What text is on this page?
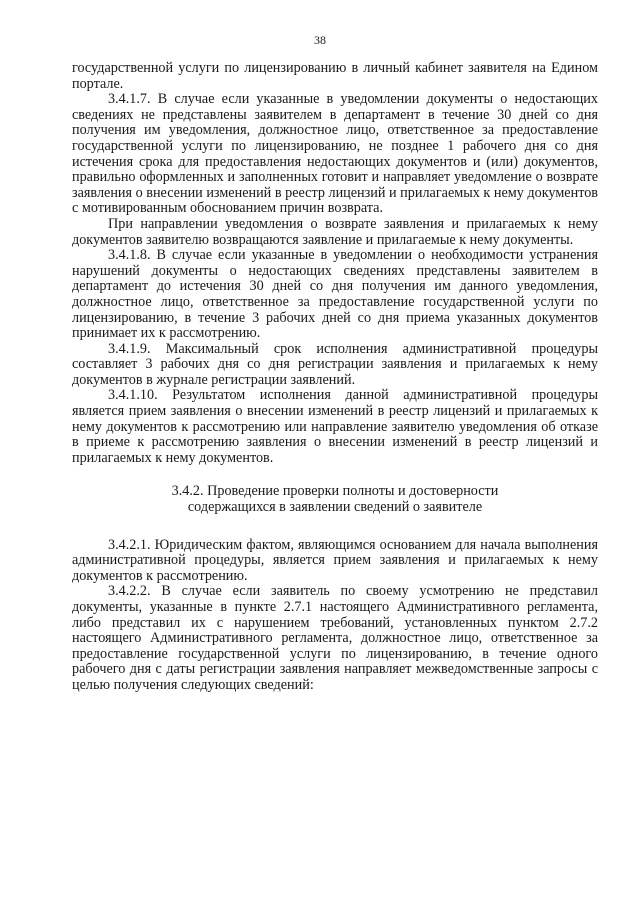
38

государственной услуги по лицензированию в личный кабинет заявителя на Едином портале.

3.4.1.7. В случае если указанные в уведомлении документы о недостающих сведениях не представлены заявителем в департамент в течение 30 дней со дня получения им уведомления, должностное лицо, ответственное за предоставление государственной услуги по лицензированию, не позднее 1 рабочего дня со дня истечения срока для предоставления недостающих документов и (или) документов, правильно оформленных и заполненных готовит и направляет уведомление о возврате заявления о внесении изменений в реестр лицензий и прилагаемых к нему документов с мотивированным обоснованием причин возврата.

При направлении уведомления о возврате заявления и прилагаемых к нему документов заявителю возвращаются заявление и прилагаемые к нему документы.

3.4.1.8. В случае если указанные в уведомлении о необходимости устранения нарушений документы о недостающих сведениях представлены заявителем в департамент до истечения 30 дней со дня получения им данного уведомления, должностное лицо, ответственное за предоставление государственной услуги по лицензированию, в течение 3 рабочих дней со дня приема указанных документов принимает их к рассмотрению.

3.4.1.9. Максимальный срок исполнения административной процедуры составляет 3 рабочих дня со дня регистрации заявления и прилагаемых к нему документов в журнале регистрации заявлений.

3.4.1.10. Результатом исполнения данной административной процедуры является прием заявления о внесении изменений в реестр лицензий и прилагаемых к нему документов к рассмотрению или направление заявителю уведомления об отказе в приеме к рассмотрению заявления о внесении изменений в реестр лицензий и прилагаемых к нему документов.

3.4.2. Проведение проверки полноты и достоверности
содержащихся в заявлении сведений о заявителе

3.4.2.1. Юридическим фактом, являющимся основанием для начала выполнения административной процедуры, является прием заявления и прилагаемых к нему документов к рассмотрению.

3.4.2.2. В случае если заявитель по своему усмотрению не представил документы, указанные в пункте 2.7.1 настоящего Административного регламента, либо представил их с нарушением требований, установленных пунктом 2.7.2 настоящего Административного регламента, должностное лицо, ответственное за предоставление государственной услуги по лицензированию, в течение одного рабочего дня с даты регистрации заявления направляет межведомственные запросы с целью получения следующих сведений:
